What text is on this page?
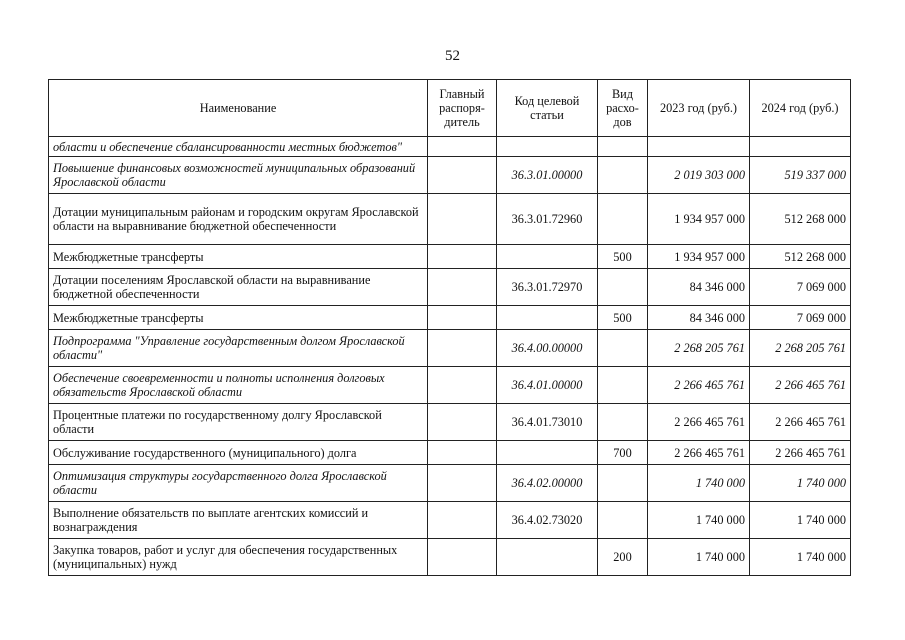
52
Наименование	Главный распоря-дитель	Код целевой статьи	Вид расхо-дов	2023 год (руб.)	2024 год (руб.)
области и обеспечение сбалансированности местных бюджетов"					
Повышение финансовых возможностей муниципальных образований Ярославской области		36.3.01.00000		2 019 303 000	519 337 000
Дотации муниципальным районам и городским округам Ярославской области на выравнивание бюджетной обеспеченности		36.3.01.72960		1 934 957 000	512 268 000
Межбюджетные трансферты			500	1 934 957 000	512 268 000
Дотации поселениям Ярославской области на выравнивание бюджетной обеспеченности		36.3.01.72970		84 346 000	7 069 000
Межбюджетные трансферты			500	84 346 000	7 069 000
Подпрограмма "Управление государственным долгом Ярославской области"		36.4.00.00000		2 268 205 761	2 268 205 761
Обеспечение своевременности и полноты исполнения долговых обязательств Ярославской области		36.4.01.00000		2 266 465 761	2 266 465 761
Процентные платежи по государственному долгу Ярославской области		36.4.01.73010		2 266 465 761	2 266 465 761
Обслуживание государственного (муниципального) долга			700	2 266 465 761	2 266 465 761
Оптимизация структуры государственного долга Ярославской области		36.4.02.00000		1 740 000	1 740 000
Выполнение обязательств по выплате агентских комиссий и вознаграждения		36.4.02.73020		1 740 000	1 740 000
Закупка товаров, работ и услуг для обеспечения государственных (муниципальных) нужд			200	1 740 000	1 740 000
